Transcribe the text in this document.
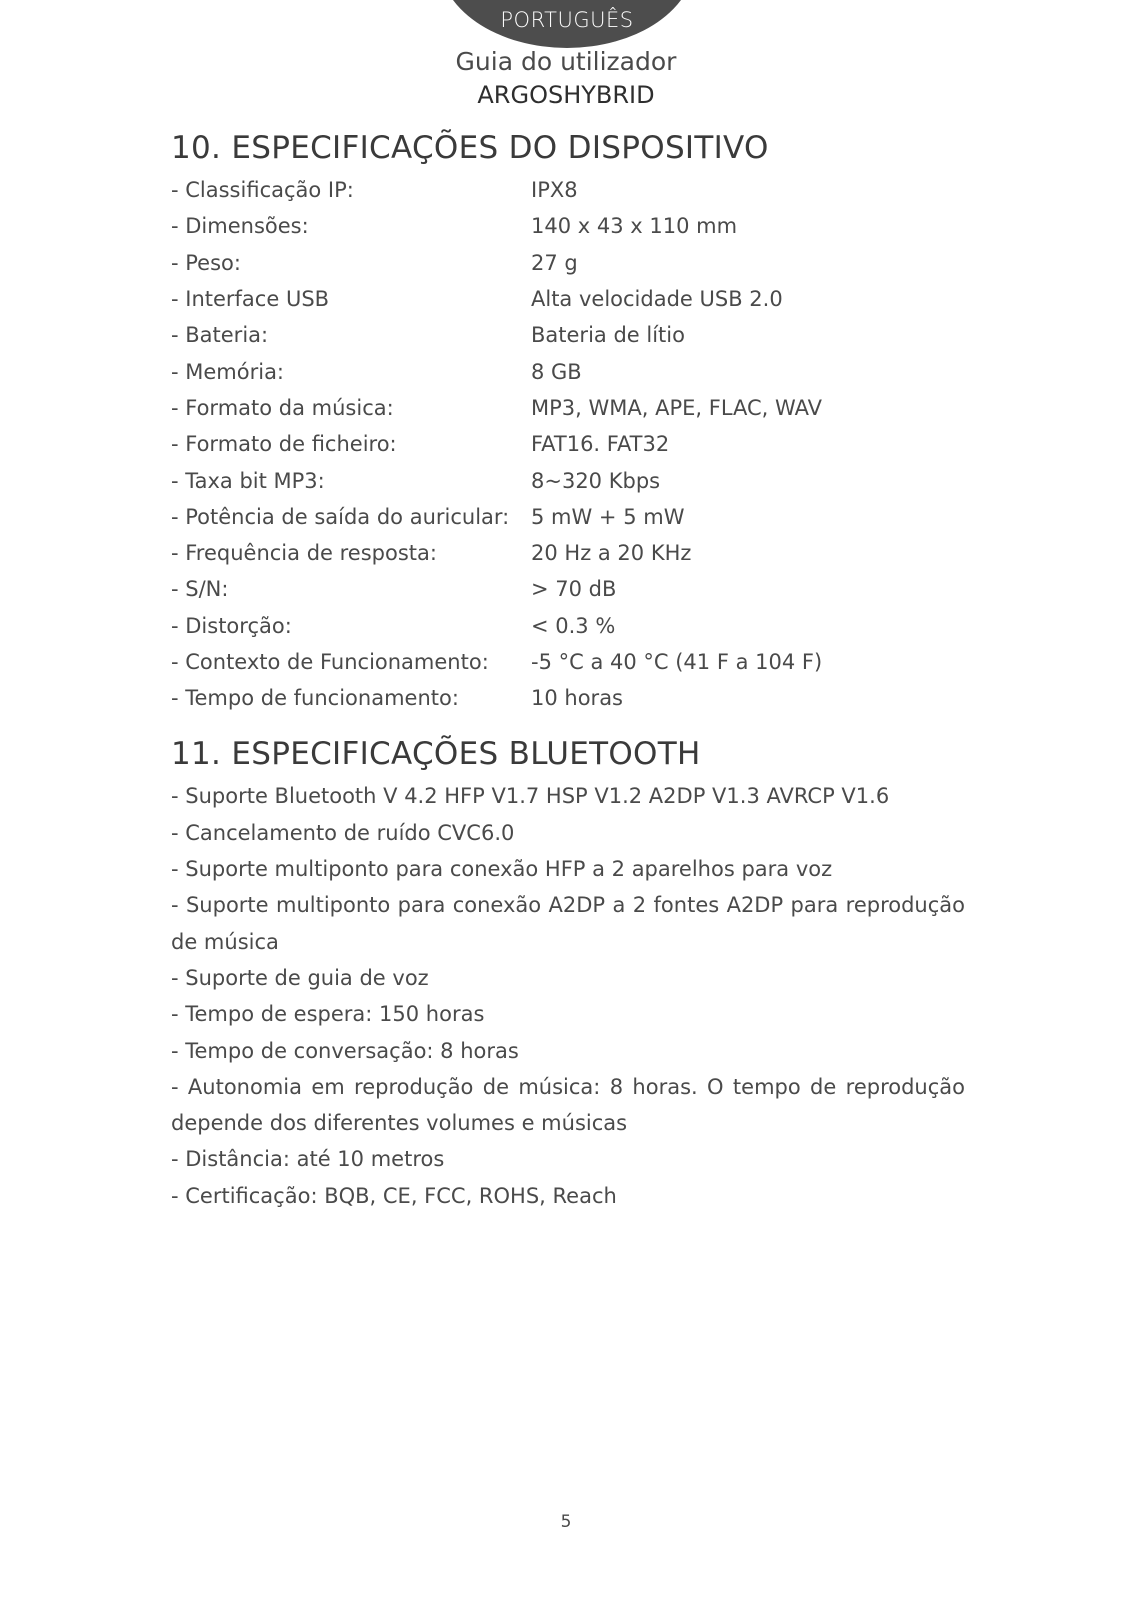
PORTUGUÊS
Guia do utilizador
ARGOSHYBRID
10. ESPECIFICAÇÕES DO DISPOSITIVO
- Classificação IP:	IPX8
- Dimensões:	140 x 43 x 110 mm
- Peso:	27 g
- Interface USB	Alta velocidade USB 2.0
- Bateria:	Bateria de lítio
- Memória:	8 GB
- Formato da música:	MP3, WMA, APE, FLAC, WAV
- Formato de ficheiro:	FAT16. FAT32
- Taxa bit MP3:	8~320 Kbps
- Potência de saída do auricular:	5 mW + 5 mW
- Frequência de resposta:	20 Hz a 20 KHz
- S/N:	> 70 dB
- Distorção:	< 0.3 %
- Contexto de Funcionamento:	-5 °C a 40 °C (41 F a 104 F)
- Tempo de funcionamento:	10 horas
11. ESPECIFICAÇÕES BLUETOOTH
- Suporte Bluetooth V 4.2 HFP V1.7 HSP V1.2 A2DP V1.3 AVRCP V1.6
- Cancelamento de ruído CVC6.0
- Suporte multiponto para conexão HFP a 2 aparelhos para voz
- Suporte multiponto para conexão A2DP a 2 fontes A2DP para reprodução de música
- Suporte de guia de voz
- Tempo de espera: 150 horas
- Tempo de conversação: 8 horas
- Autonomia em reprodução de música: 8 horas. O tempo de reprodução depende dos diferentes volumes e músicas
- Distância: até 10 metros
- Certificação: BQB, CE, FCC, ROHS, Reach
5
